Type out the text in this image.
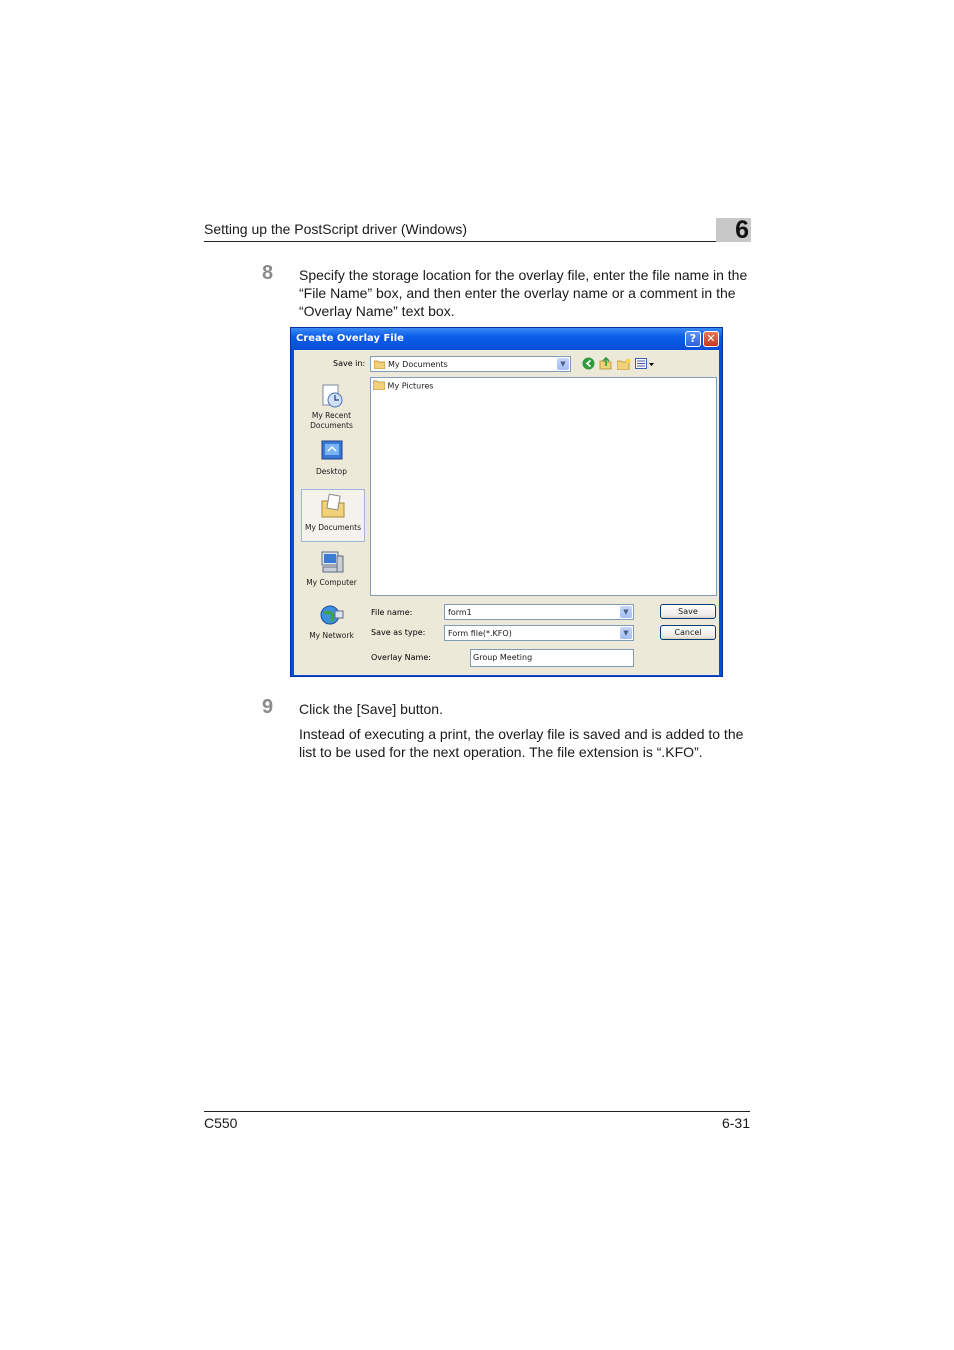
Setting up the PostScript driver (Windows)	6
8 Specify the storage location for the overlay file, enter the file name in the “File Name” box, and then enter the overlay name or a comment in the “Overlay Name” text box.
Create Overlay File	? ✕
Save in:	My Documents	▼
My Recent Documents
Desktop
My Documents
My Computer
My Network
My Pictures
File name:	form1	▼	Save
Save as type:	Form file(*.KFO)	▼	Cancel
Overlay Name:	Group Meeting
9 Click the [Save] button.
Instead of executing a print, the overlay file is saved and is added to the list to be used for the next operation. The file extension is “.KFO”.
C550	6-31
